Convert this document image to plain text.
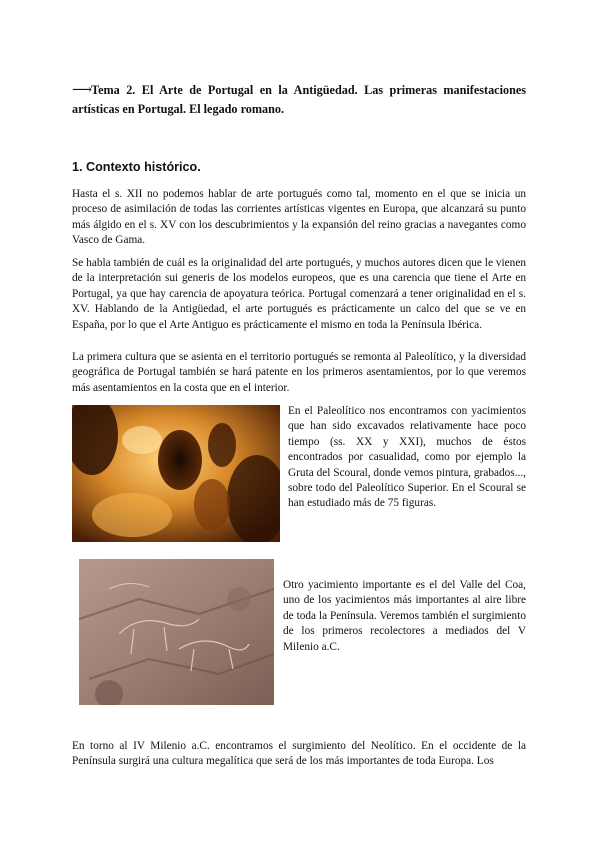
⟶Tema 2. El Arte de Portugal en la Antigüedad. Las primeras manifestaciones artísticas en Portugal. El legado romano.
1. Contexto histórico.

Hasta el s. XII no podemos hablar de arte portugués como tal, momento en el que se inicia un proceso de asimilación de todas las corrientes artísticas vigentes en Europa, que alcanzará su punto más álgido en el s. XV con los descubrimientos y la expansión del reino gracias a navegantes como Vasco de Gama.

Se habla también de cuál es la originalidad del arte portugués, y muchos autores dicen que le vienen de la interpretación sui generis de los modelos europeos, que es una carencia que tiene el Arte en Portugal, ya que hay carencia de apoyatura teórica. Portugal comenzará a tener originalidad en el s. XV. Hablando de la Antigüedad, el arte portugués es prácticamente un calco del que se ve en España, por lo que el Arte Antiguo es prácticamente el mismo en toda la Península Ibérica.

La primera cultura que se asienta en el territorio portugués se remonta al Paleolítico, y la diversidad geográfica de Portugal también se hará patente en los primeros asentamientos, por lo que veremos más asentamientos en la costa que en el interior.

En el Paleolítico nos encontramos con yacimientos que han sido excavados relativamente hace poco tiempo (ss. XX y XXI), muchos de éstos encontrados por casualidad, como por ejemplo la Gruta del Scoural, donde vemos pintura, grabados..., sobre todo del Paleolítico Superior. En el Scoural se han estudiado más de 75 figuras.

Otro yacimiento importante es el del Valle del Coa, uno de los yacimientos más importantes al aire libre de toda la Península. Veremos también el surgimiento de los primeros recolectores a mediados del V Milenio a.C.

En torno al IV Milenio a.C. encontramos el surgimiento del Neolítico. En el occidente de la Península surgirá una cultura megalítica que será de los más importantes de toda Europa. Los
